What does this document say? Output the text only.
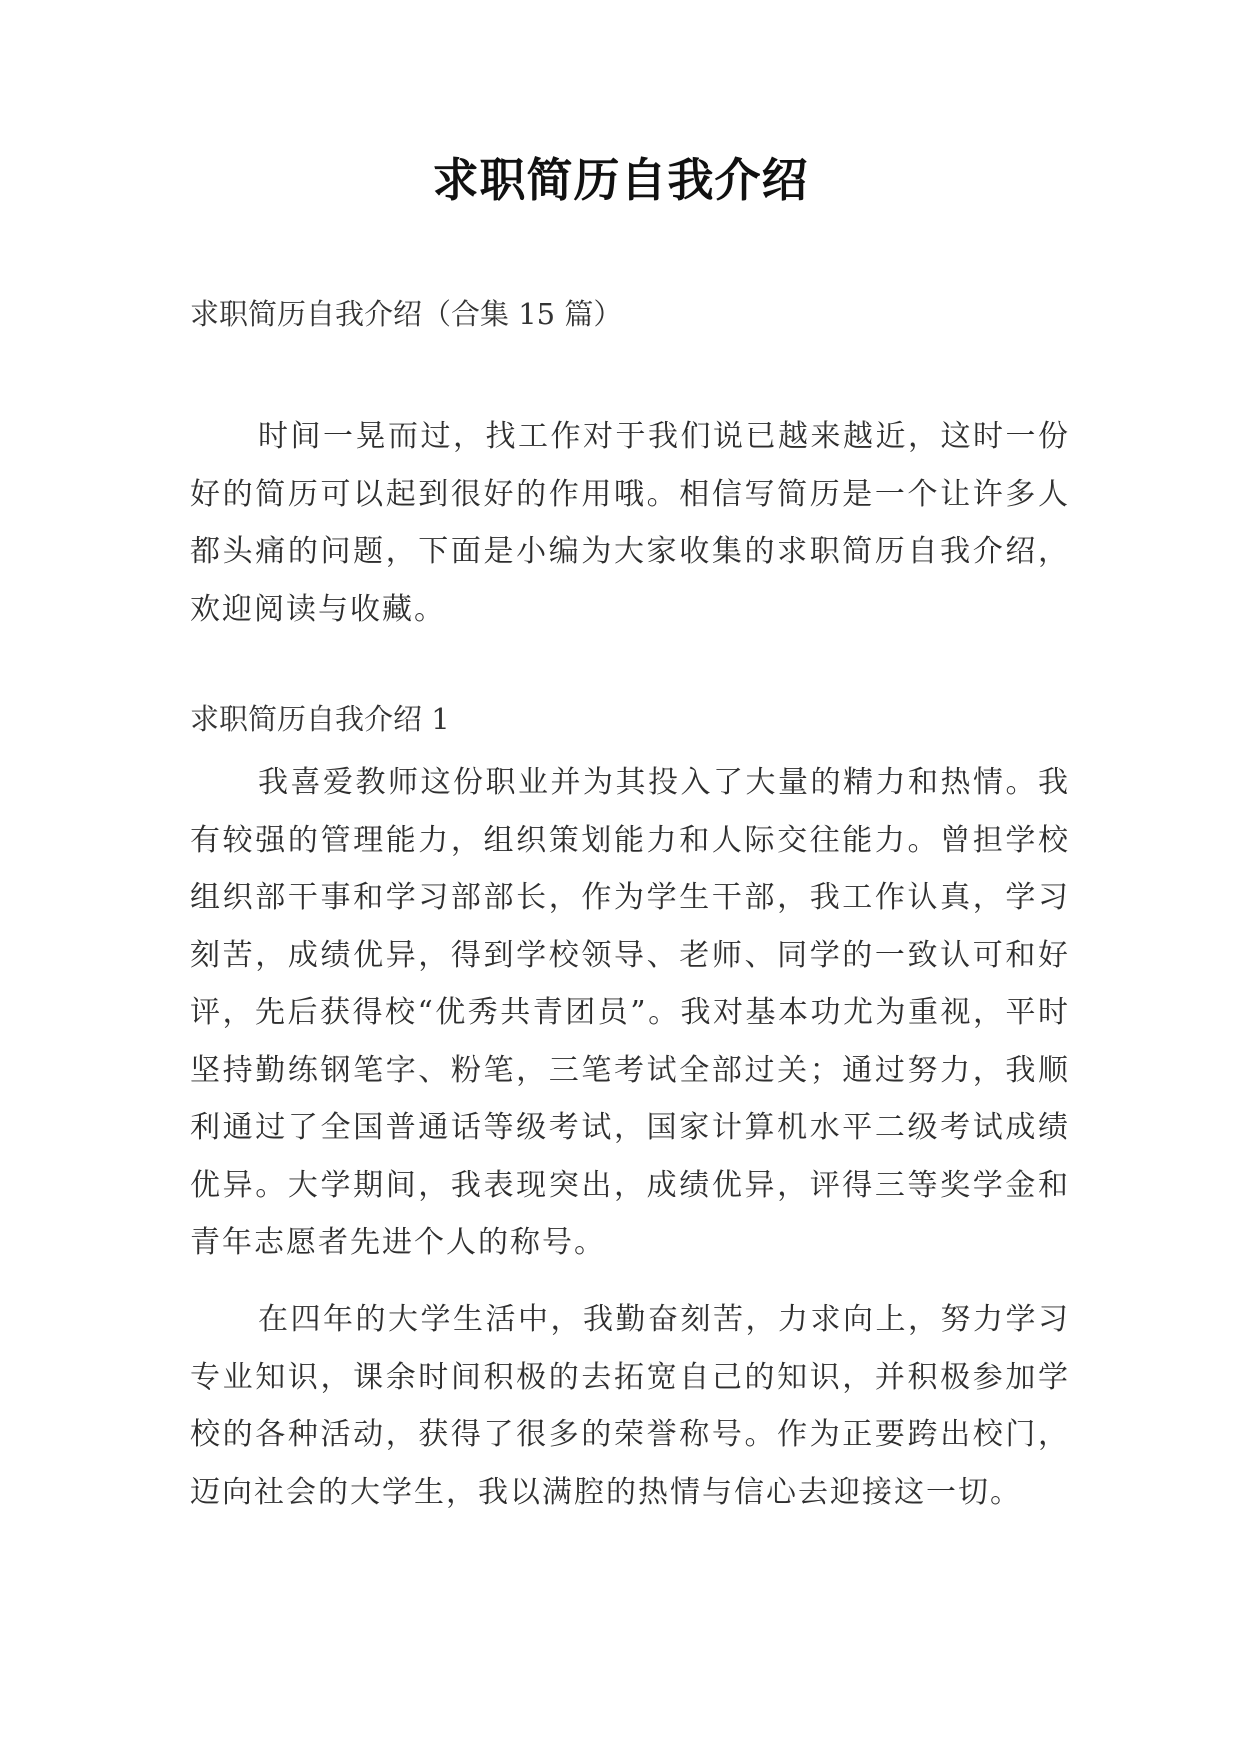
求职简历自我介绍

求职简历自我介绍（合集 15 篇）

时间一晃而过，找工作对于我们说已越来越近，这时一份好的简历可以起到很好的作用哦。相信写简历是一个让许多人都头痛的问题，下面是小编为大家收集的求职简历自我介绍，欢迎阅读与收藏。

求职简历自我介绍 1

我喜爱教师这份职业并为其投入了大量的精力和热情。我有较强的管理能力，组织策划能力和人际交往能力。曾担学校组织部干事和学习部部长，作为学生干部，我工作认真，学习刻苦，成绩优异，得到学校领导、老师、同学的一致认可和好评，先后获得校“优秀共青团员”。我对基本功尤为重视，平时坚持勤练钢笔字、粉笔，三笔考试全部过关；通过努力，我顺利通过了全国普通话等级考试，国家计算机水平二级考试成绩优异。大学期间，我表现突出，成绩优异，评得三等奖学金和青年志愿者先进个人的称号。

在四年的大学生活中，我勤奋刻苦，力求向上，努力学习专业知识，课余时间积极的去拓宽自己的知识，并积极参加学校的各种活动，获得了很多的荣誉称号。作为正要跨出校门，迈向社会的大学生，我以满腔的热情与信心去迎接这一切。
